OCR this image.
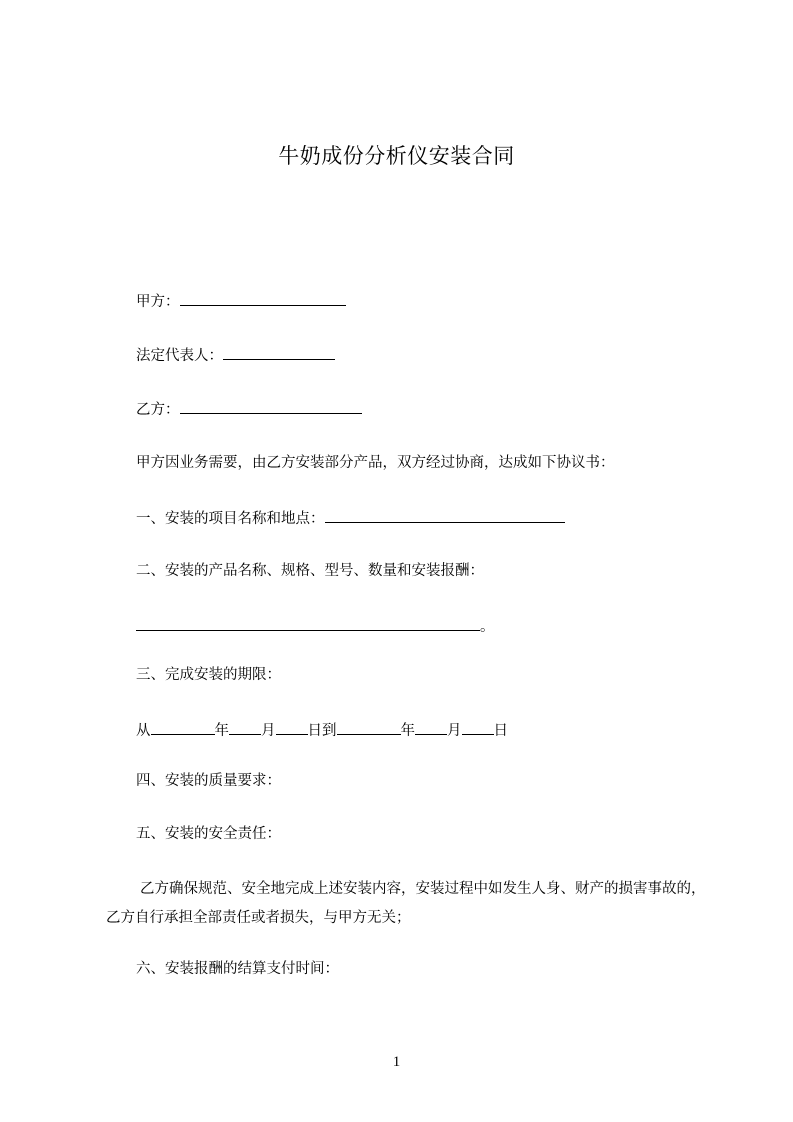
牛奶成份分析仪安装合同
甲方：
法定代表人：
乙方：
甲方因业务需要，由乙方安装部分产品，双方经过协商，达成如下协议书：
一、安装的项目名称和地点：
二、安装的产品名称、规格、型号、数量和安装报酬：
。
三、完成安装的期限：
从	年 月 日到	年 月 日
四、安装的质量要求：
五、安装的安全责任：
乙方确保规范、安全地完成上述安装内容，安装过程中如发生人身、财产的损害事故的，乙方自行承担全部责任或者损失，与甲方无关；
六、安装报酬的结算支付时间：
1
